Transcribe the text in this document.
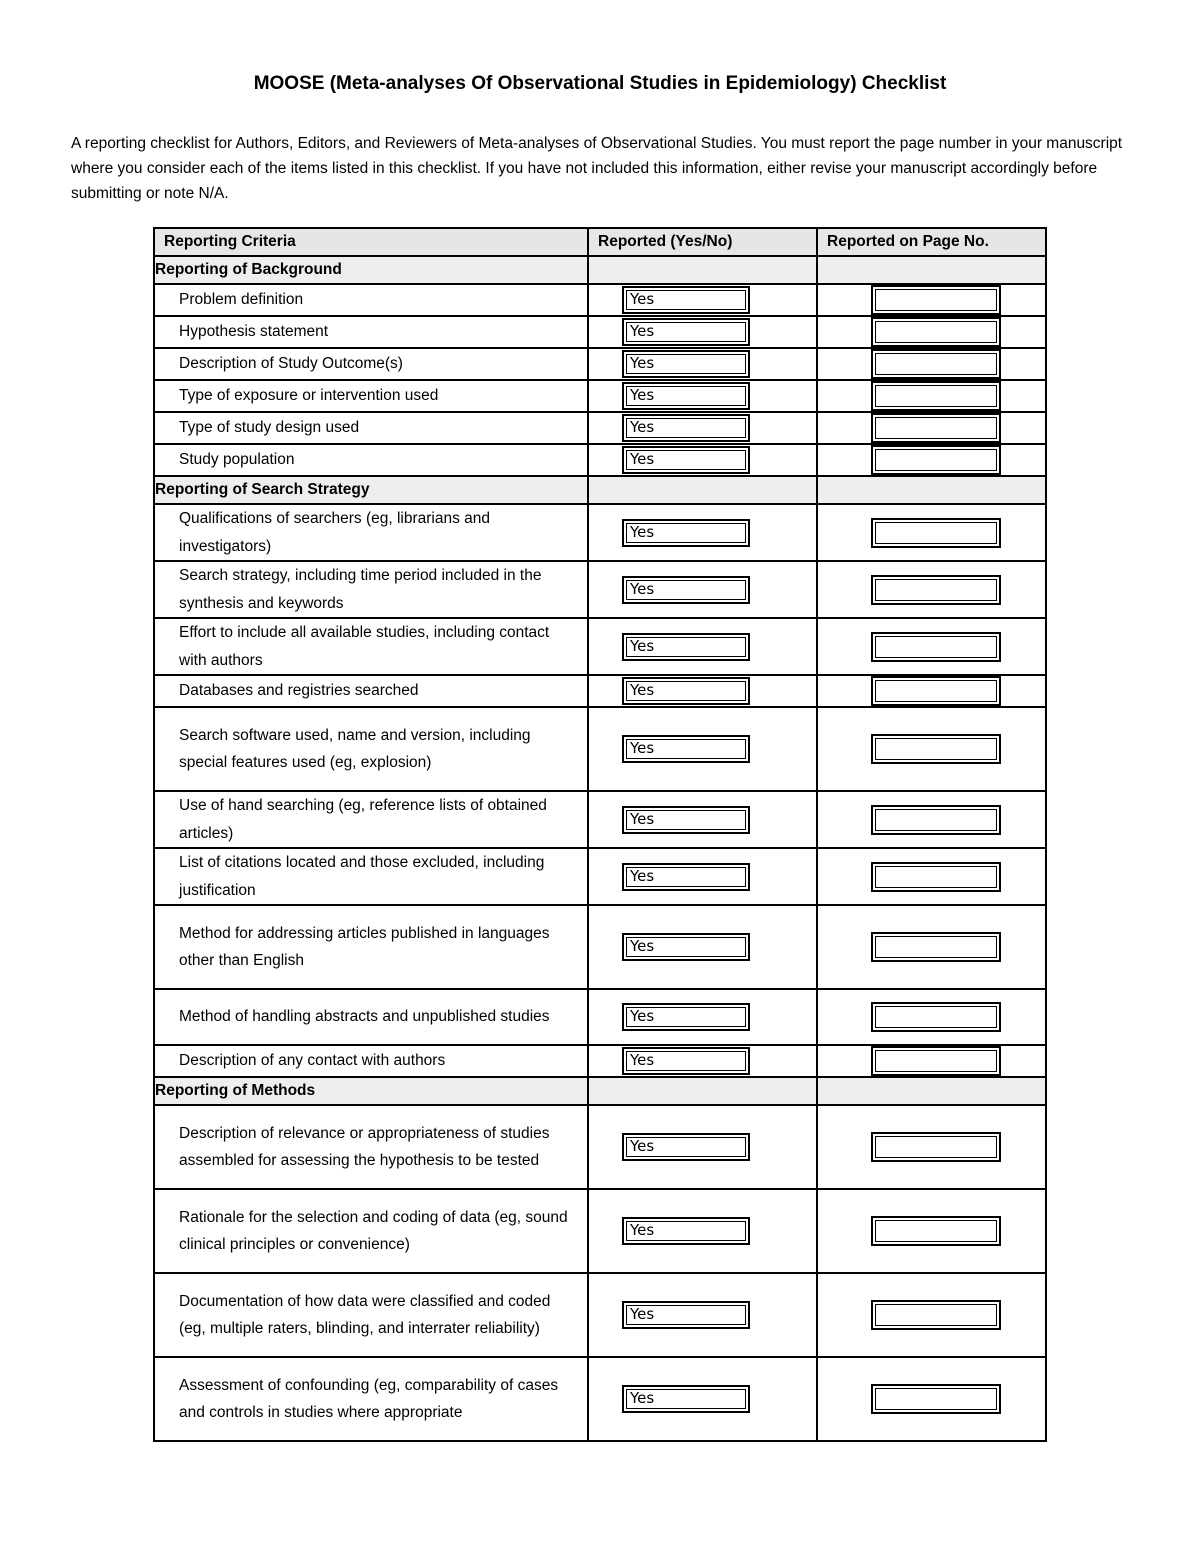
MOOSE (Meta-analyses Of Observational Studies in Epidemiology) Checklist
A reporting checklist for Authors, Editors, and Reviewers of Meta-analyses of Observational Studies. You must report the page number in your manuscript where you consider each of the items listed in this checklist. If you have not included this information, either revise your manuscript accordingly before submitting or note N/A.
Reporting Criteria	Reported (Yes/No)	Reported on Page No.
Reporting of Background		
Problem definition	Yes	

Hypothesis statement	Yes	

Description of Study Outcome(s)	Yes	

Type of exposure or intervention used	Yes	

Type of study design used	Yes	

Study population	Yes	

Reporting of Search Strategy		
Qualifications of searchers (eg, librarians and investigators)	Yes	

Search strategy, including time period included in the synthesis and keywords	Yes	

Effort to include all available studies, including contact with authors	Yes	

Databases and registries searched	Yes	

Search software used, name and version, including special features used (eg, explosion)	Yes	

Use of hand searching (eg, reference lists of obtained articles)	Yes	

List of citations located and those excluded, including justification	Yes	

Method for addressing articles published in languages other than English	Yes	

Method of handling abstracts and unpublished studies	Yes	

Description of any contact with authors	Yes	

Reporting of Methods		
Description of relevance or appropriateness of studies assembled for assessing the hypothesis to be tested	Yes	

Rationale for the selection and coding of data (eg, sound clinical principles or convenience)	Yes	

Documentation of how data were classified and coded (eg, multiple raters, blinding, and interrater reliability)	Yes	

Assessment of confounding (eg, comparability of cases and controls in studies where appropriate	Yes	
